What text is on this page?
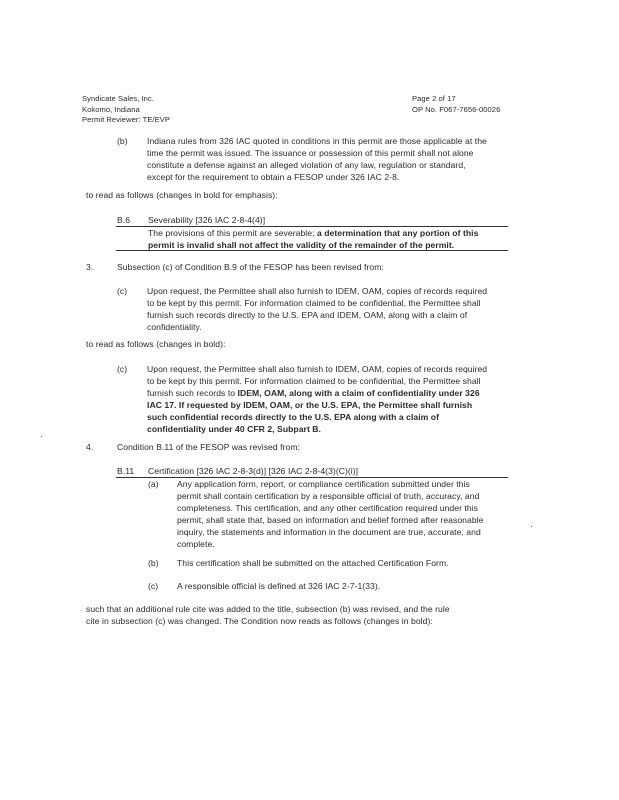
Syndicate Sales, Inc.
Kokomo, Indiana
Permit Reviewer: TE/EVP
Page 2 of 17
OP No. F067-7656-00026
(b) Indiana rules from 326 IAC quoted in conditions in this permit are those applicable at the
time the permit was issued. The issuance or possession of this permit shall not alone
constitute a defense against an alleged violation of any law, regulation or standard,
except for the requirement to obtain a FESOP under 326 IAC 2-8.
to read as follows (changes in bold for emphasis):
B.6 Severability [326 IAC 2-8-4(4)]
The provisions of this permit are severable; a determination that any portion of this
permit is invalid shall not affect the validity of the remainder of the permit.
3.	Subsection (c) of Condition B.9 of the FESOP has been revised from:
(c) Upon request, the Permittee shall also furnish to IDEM, OAM, copies of records required
to be kept by this permit. For information claimed to be confidential, the Permittee shall
furnish such records directly to the U.S. EPA and IDEM, OAM, along with a claim of
confidentiality.
to read as follows (changes in bold):
(c) Upon request, the Permittee shall also furnish to IDEM, OAM, copies of records required
to be kept by this permit. For information claimed to be confidential, the Permittee shall
furnish such records to IDEM, OAM, along with a claim of confidentiality under 326
IAC 17. If requested by IDEM, OAM, or the U.S. EPA, the Permittee shall furnish
such confidential records directly to the U.S. EPA along with a claim of
confidentiality under 40 CFR 2, Subpart B.
4.	Condition B.11 of the FESOP was revised from:
B.11 Certification [326 IAC 2-8-3(d)] [326 IAC 2-8-4(3)(C)(i)]
(a) Any application form, report, or compliance certification submitted under this
permit shall contain certification by a responsible official of truth, accuracy, and
completeness. This certification, and any other certification required under this
permit, shall state that, based on information and belief formed after reasonable
inquiry, the statements and information in the document are true, accurate, and
complete.
(b) This certification shall be submitted on the attached Certification Form.
(c) A responsible official is defined at 326 IAC 2-7-1(33).
such that an additional rule cite was added to the title, subsection (b) was revised, and the rule
cite in subsection (c) was changed. The Condition now reads as follows (changes in bold):
